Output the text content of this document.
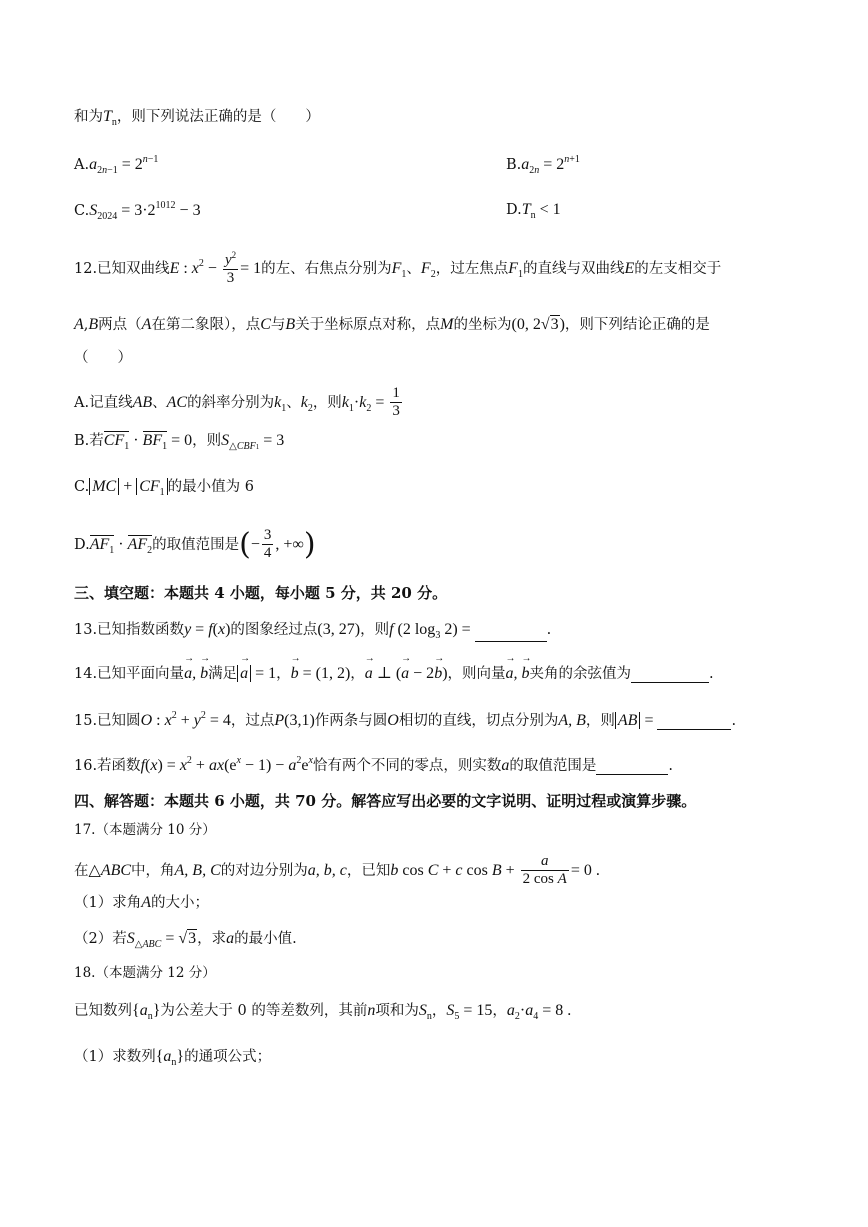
和为$T_n$，则下列说法正确的是（　　）
$A.a_{2n-1} = 2^{n-1}$	$B.a_{2n} = 2^{n+1}$
$C.S_{2024} = 3\cdot 2^{1012} - 3$	$D.T_n < 1$
12.已知双曲线E : $x^2 - \frac{y^2}{3} = 1$的左、右焦点分别为$F_1$、$F_2$，过左焦点$F_1$的直线与双曲线E的左支相交于
A,B两点（A在第二象限），点C与B关于坐标原点对称，点M的坐标为(0, 2√3)，则下列结论正确的是
（　　）
A.记直线AB、AC的斜率分别为$k_1$、$k_2$，则$k_1\cdot k_2 = \frac{1}{3}$
B.若$CF_1 \cdot BF_1 = 0$，则$S_{\triangle CBF1} = 3$
C. MC + $CF_1$ 的最小值为 6
$D.AF_1 \cdot AF_2$的取值范围是(− $\frac{3}{4}$ , +∞)
三、填空题：本题共 4 小题，每小题 5 分，共 20 分。
13.已知指数函数y = f(x)的图象经过点(3, 27)，则f (2 $\log_3 2$) =	.
14.已知平面向量→ a, → b满足→ a = 1，→ b = (1, 2)，→ a ⊥ (→ a − 2→ b)，则向量→ a, → b夹角的余弦值为	.
15.已知圆O : $x^2 + y^2 = 4$，过点P(3,1)作两条与圆O相切的直线，切点分别为A, B，则 AB =	.
16.若函数$f(x) = x^2 + ax(e^x - 1) - a^2e^x$恰有两个不同的零点，则实数a的取值范围是	.
四、解答题：本题共 6 小题，共 70 分。解答应写出必要的文字说明、证明过程或演算步骤。
17.（本题满分 10 分）
在△ABC中，角A, B, C的对边分别为a, b, c，已知b cos C + c $\cos B + \frac{a}{\text{2 cos A}} = 0$ .
（1）求角A的大小；
（2）若$S_{\triangle ABC} = √3$，求a的最小值.
18.（本题满分 12 分）
已知数列$\{a_n\}$为公差大于 0 的等差数列，其前n项和为$S_n$，$S_5 = 15$，$a_2\cdot a_4 = 8$ .
（1）求数列$\{a_n\}$的通项公式；
